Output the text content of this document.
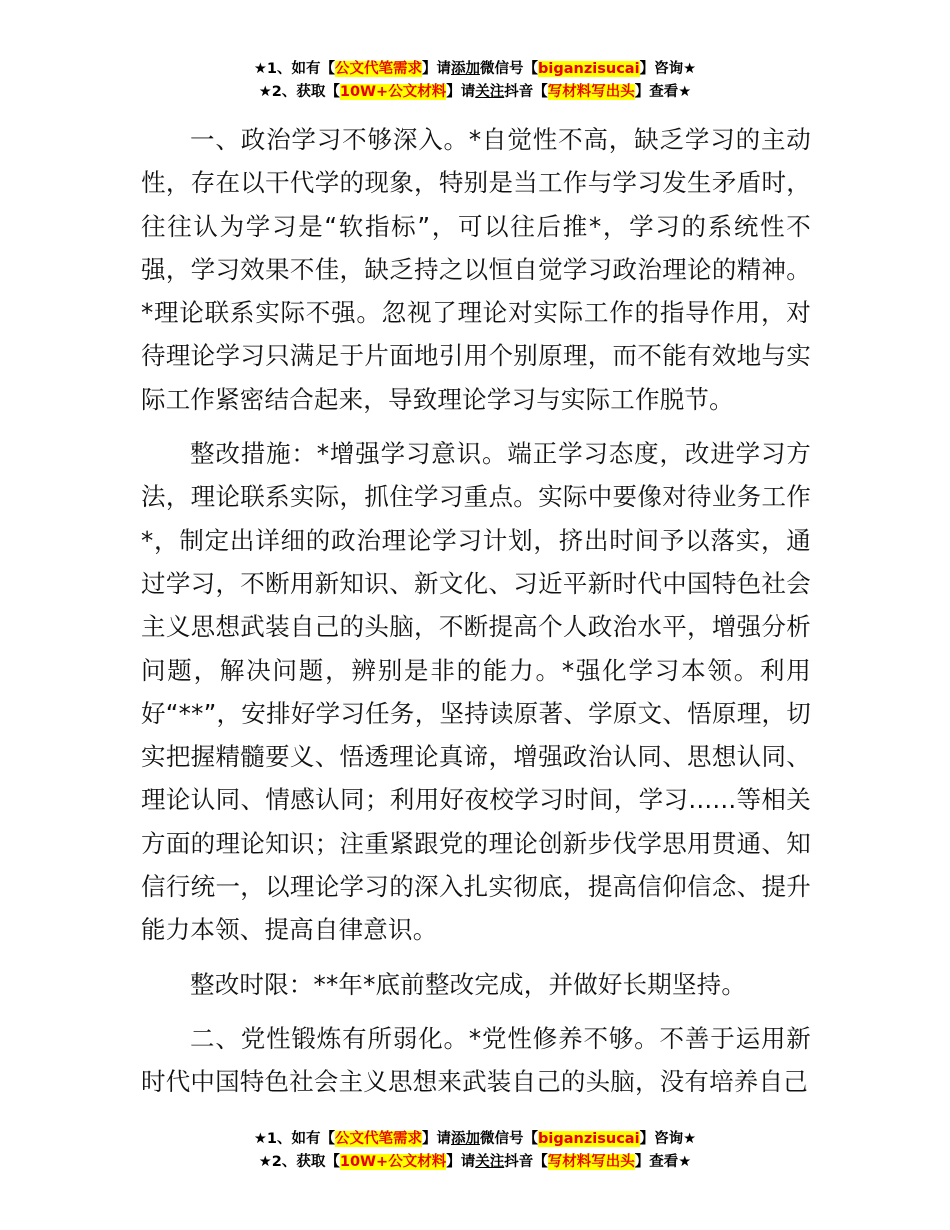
★1、如有【公文代笔需求】请添加微信号【biganzisucai】咨询★
★2、获取【10W+公文材料】请关注抖音【写材料写出头】查看★

一、政治学习不够深入。*自觉性不高，缺乏学习的主动性，存在以干代学的现象，特别是当工作与学习发生矛盾时，往往认为学习是“软指标”，可以往后推*，学习的系统性不强，学习效果不佳，缺乏持之以恒自觉学习政治理论的精神。*理论联系实际不强。忽视了理论对实际工作的指导作用，对待理论学习只满足于片面地引用个别原理，而不能有效地与实际工作紧密结合起来，导致理论学习与实际工作脱节。

整改措施：*增强学习意识。端正学习态度，改进学习方法，理论联系实际，抓住学习重点。实际中要像对待业务工作*，制定出详细的政治理论学习计划，挤出时间予以落实，通过学习，不断用新知识、新文化、习近平新时代中国特色社会主义思想武装自己的头脑，不断提高个人政治水平，增强分析问题，解决问题，辨别是非的能力。*强化学习本领。利用好“**”，安排好学习任务，坚持读原著、学原文、悟原理，切实把握精髓要义、悟透理论真谛，增强政治认同、思想认同、理论认同、情感认同；利用好夜校学习时间，学习......等相关方面的理论知识；注重紧跟党的理论创新步伐学思用贯通、知信行统一，以理论学习的深入扎实彻底，提高信仰信念、提升能力本领、提高自律意识。

整改时限：**年*底前整改完成，并做好长期坚持。

二、党性锻炼有所弱化。*党性修养不够。不善于运用新时代中国特色社会主义思想来武装自己的头脑，没有培养自己

★1、如有【公文代笔需求】请添加微信号【biganzisucai】咨询★
★2、获取【10W+公文材料】请关注抖音【写材料写出头】查看★
